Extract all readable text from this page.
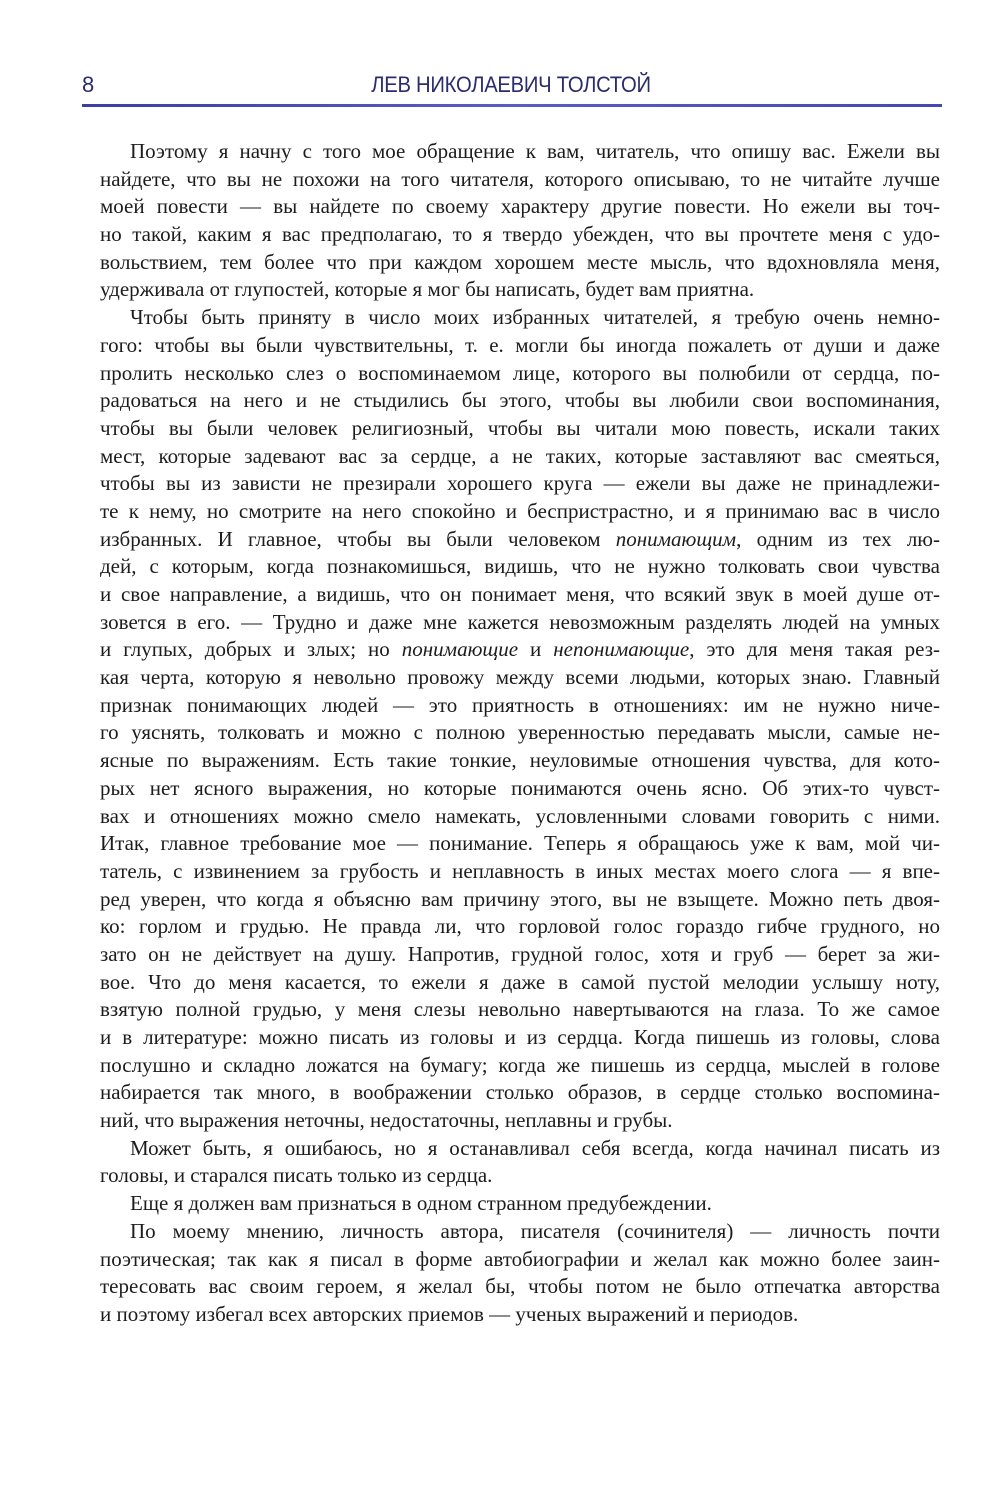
8	ЛЕВ НИКОЛАЕВИЧ ТОЛСТОЙ
Поэтому я начну с того мое обращение к вам, читатель, что опишу вас. Ежели вы
найдете, что вы не похожи на того читателя, которого описываю, то не читайте лучше
моей повести — вы найдете по своему характеру другие повести. Но ежели вы точ-
но такой, каким я вас предполагаю, то я твердо убежден, что вы прочтете меня с удо-
вольствием, тем более что при каждом хорошем месте мысль, что вдохновляла меня,
удерживала от глупостей, которые я мог бы написать, будет вам приятна.
Чтобы быть приняту в число моих избранных читателей, я требую очень немно-
гого: чтобы вы были чувствительны, т. е. могли бы иногда пожалеть от души и даже
пролить несколько слез о воспоминаемом лице, которого вы полюбили от сердца, по-
радоваться на него и не стыдились бы этого, чтобы вы любили свои воспоминания,
чтобы вы были человек религиозный, чтобы вы читали мою повесть, искали таких
мест, которые задевают вас за сердце, а не таких, которые заставляют вас смеяться,
чтобы вы из зависти не презирали хорошего круга — ежели вы даже не принадлежи-
те к нему, но смотрите на него спокойно и беспристрастно, и я принимаю вас в число
избранных. И главное, чтобы вы были человеком понимающим, одним из тех лю-
дей, с которым, когда познакомишься, видишь, что не нужно толковать свои чувства
и свое направление, а видишь, что он понимает меня, что всякий звук в моей душе от-
зовется в его. — Трудно и даже мне кажется невозможным разделять людей на умных
и глупых, добрых и злых; но понимающие и непонимающие, это для меня такая рез-
кая черта, которую я невольно провожу между всеми людьми, которых знаю. Главный
признак понимающих людей — это приятность в отношениях: им не нужно ниче-
го уяснять, толковать и можно с полною уверенностью передавать мысли, самые не-
ясные по выражениям. Есть такие тонкие, неуловимые отношения чувства, для кото-
рых нет ясного выражения, но которые понимаются очень ясно. Об этих-то чувст-
вах и отношениях можно смело намекать, условленными словами говорить с ними.
Итак, главное требование мое — понимание. Теперь я обращаюсь уже к вам, мой чи-
татель, с извинением за грубость и неплавность в иных местах моего слога — я впе-
ред уверен, что когда я объясню вам причину этого, вы не взыщете. Можно петь двоя-
ко: горлом и грудью. Не правда ли, что горловой голос гораздо гибче грудного, но
зато он не действует на душу. Напротив, грудной голос, хотя и груб — берет за жи-
вое. Что до меня касается, то ежели я даже в самой пустой мелодии услышу ноту,
взятую полной грудью, у меня слезы невольно навертываются на глаза. То же самое
и в литературе: можно писать из головы и из сердца. Когда пишешь из головы, слова
послушно и складно ложатся на бумагу; когда же пишешь из сердца, мыслей в голове
набирается так много, в воображении столько образов, в сердце столько воспомина-
ний, что выражения неточны, недостаточны, неплавны и грубы.
Может быть, я ошибаюсь, но я останавливал себя всегда, когда начинал писать из
головы, и старался писать только из сердца.
Еще я должен вам признаться в одном странном предубеждении.
По моему мнению, личность автора, писателя (сочинителя) — личность почти
поэтическая; так как я писал в форме автобиографии и желал как можно более заин-
тересовать вас своим героем, я желал бы, чтобы потом не было отпечатка авторства
и поэтому избегал всех авторских приемов — ученых выражений и периодов.
